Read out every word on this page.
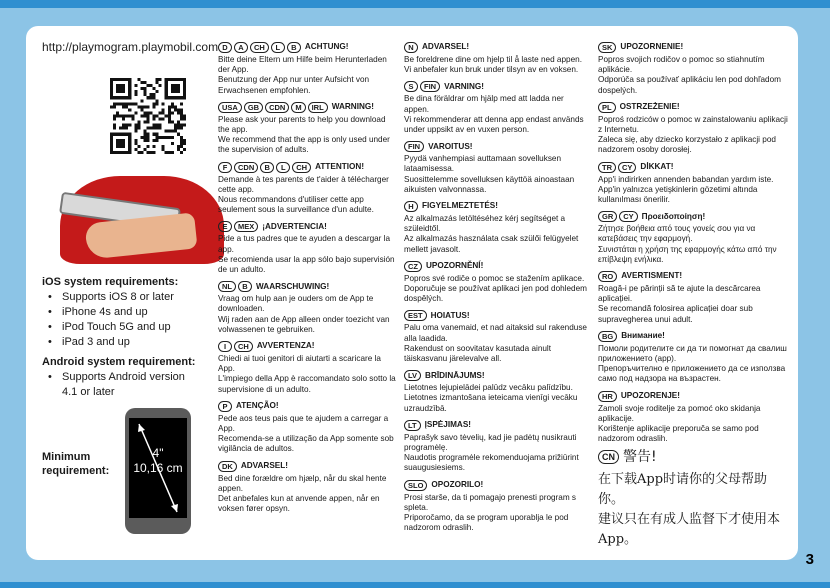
3
http://playmogram.playmobil.com
iOS system requirements:
• Supports iOS 8 or later
• iPhone 4s and up
• iPod Touch 5G and up
• iPad 3 and up
Android system requirement:
• Supports Android version 4.1 or later
Minimum requirement:
4"
10,16 cm
D	A	CH	L	B	ACHTUNG!

Bitte deine Eltern um Hilfe beim Herunterladen der App.

Benutzung der App nur unter Aufsicht von Erwachsenen empfohlen.

USA	GB	CDN	M	IRL WARNING!

Please ask your parents to help you download the app.

We recommend that the app is only used under the supervision of adults.

F	CDN	B	L	CH ATTENTION!

Demande à tes parents de t'aider à télécharger cette app.

Nous recommandons d'utiliser cette app seulement sous la surveillance d'un adulte.

E	MEX ¡ADVERTENCIA!

Pide a tus padres que te ayuden a descargar la app.

Se recomienda usar la app sólo bajo supervisión de un adulto.

NL	B	WAARSCHUWING!

Vraag om hulp aan je ouders om de App te downloaden.

Wij raden aan de App alleen onder toezicht van volwassenen te gebruiken.

I	CH AVVERTENZA!

Chiedi ai tuoi genitori di aiutarti a scaricare la App.

L'impiego della App è raccomandato solo sotto la supervisione di un adulto.

P	ATENÇÃO!

Pede aos teus pais que te ajudem a carregar a App.

Recomenda-se a utilização da App somente sob vigilância de adultos.

DK ADVARSEL!

Bed dine forældre om hjælp, når du skal hente appen.

Det anbefales kun at anvende appen, når en voksen fører opsyn.

N	ADVARSEL!

Be foreldrene dine om hjelp til å laste ned appen.

Vi anbefaler kun bruk under tilsyn av en voksen.

S	FIN VARNING!

Be dina föräldrar om hjälp med att ladda ner appen.

Vi rekommenderar att denna app endast används under uppsikt av en vuxen person.

FIN VAROITUS!

Pyydä vanhempiasi auttamaan sovelluksen lataamisessa.

Suosittelemme sovelluksen käyttöä ainoastaan aikuisten valvonnassa.

H	FIGYELMEZTETÉS!

Az alkalmazás letöltéséhez kérj segítséget a szüleidtől.

Az alkalmazás használata csak szülői felügyelet mellett javasolt.

CZ UPOZORNĚNÍ!

Popros své rodiče o pomoc se stažením aplikace.

Doporučuje se používat aplikaci jen pod dohledem dospělých.

EST HOIATUS!

Palu oma vanemaid, et nad aitaksid sul rakenduse alla laadida.

Rakendust on soovitatav kasutada ainult täiskasvanu järelevalve all.

LV BRĪDINĀJUMS!

Lietotnes lejupielādei palūdz vecāku palīdzību.

Lietotnes izmantošana ieteicama vienīgi vecāku uzraudzībā.

LT ĮSPĖJIMAS!

Paprašyk savo tėvelių, kad jie padėtų nusikrauti programėlę.

Naudotis programėle rekomenduojama prižiūrint suaugusiesiems.

SLO OPOZORILO!

Prosi starše, da ti pomagajo prenesti program s spleta.

Priporočamo, da se program uporablja le pod nadzorom odraslih.

SK UPOZORNENIE!

Popros svojich rodičov o pomoc so stiahnutím aplikácie.

Odporúča sa používať aplikáciu len pod dohľadom dospelých.

PL OSTRZEŻENIE!

Poproś rodziców o pomoc w zainstalowaniu aplikacji z Internetu.

Zaleca się, aby dziecko korzystało z aplikacji pod nadzorem osoby dorosłej.

TR	CY DİKKAT!

App'i indirirken annenden babandan yardım iste.

App'in yalnızca yetişkinlerin gözetimi altında kullanılması önerilir.

GR	CY Προειδοποίηση!

Ζήτησε βοήθεια από τους γονείς σου για να κατεβάσεις την εφαρμογή.

Συνιστάται η χρήση της εφαρμογής κάτω από την επίβλεψη ενήλικα.

RO AVERTISMENT!

Roagă-i pe părinții să te ajute la descărcarea aplicației.

Se recomandă folosirea aplicației doar sub supravegherea unui adult.

BG Внимание!

Помоли родителите си да ти помогнат да свалиш приложението (app).

Препоръчително е приложението да се използва само под надзора на възрастен.

HR UPOZORENJE!

Zamoli svoje roditelje za pomoć oko skidanja aplikacije.

Korištenje aplikacije preporuča se samo pod nadzorom odraslih.

CN 警告!

在下载App时请你的父母帮助你。

建议只在有成人监督下才使用本App。
